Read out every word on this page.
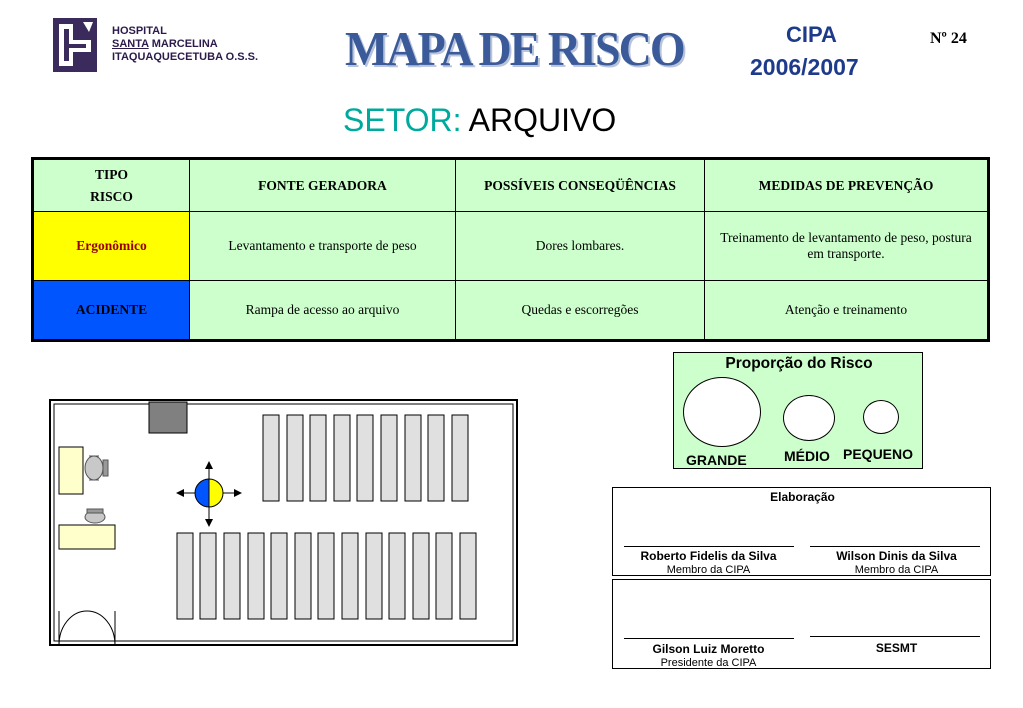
HOSPITAL
SANTA MARCELINA
ITAQUAQUECETUBA O.S.S. MAPA DE RISCO	CIPA
2006/2007
Nº 24
SETOR: ARQUIVO
TIPO
RISCO	FONTE GERADORA	POSSÍVEIS CONSEQÜÊNCIAS	MEDIDAS DE PREVENÇÃO
Ergonômico	Levantamento e transporte de peso	Dores lombares.	Treinamento de levantamento de peso, postura em transporte.
ACIDENTE	Rampa de acesso ao arquivo	Quedas e escorregões	Atenção e treinamento
Proporção do Risco
GRANDE	MÉDIO PEQUENO
Elaboração
Roberto Fidelis da Silva
Membro da CIPA
Wilson Dinis da Silva
Membro da CIPA
Gilson Luiz Moretto
Presidente da CIPA
SESMT
